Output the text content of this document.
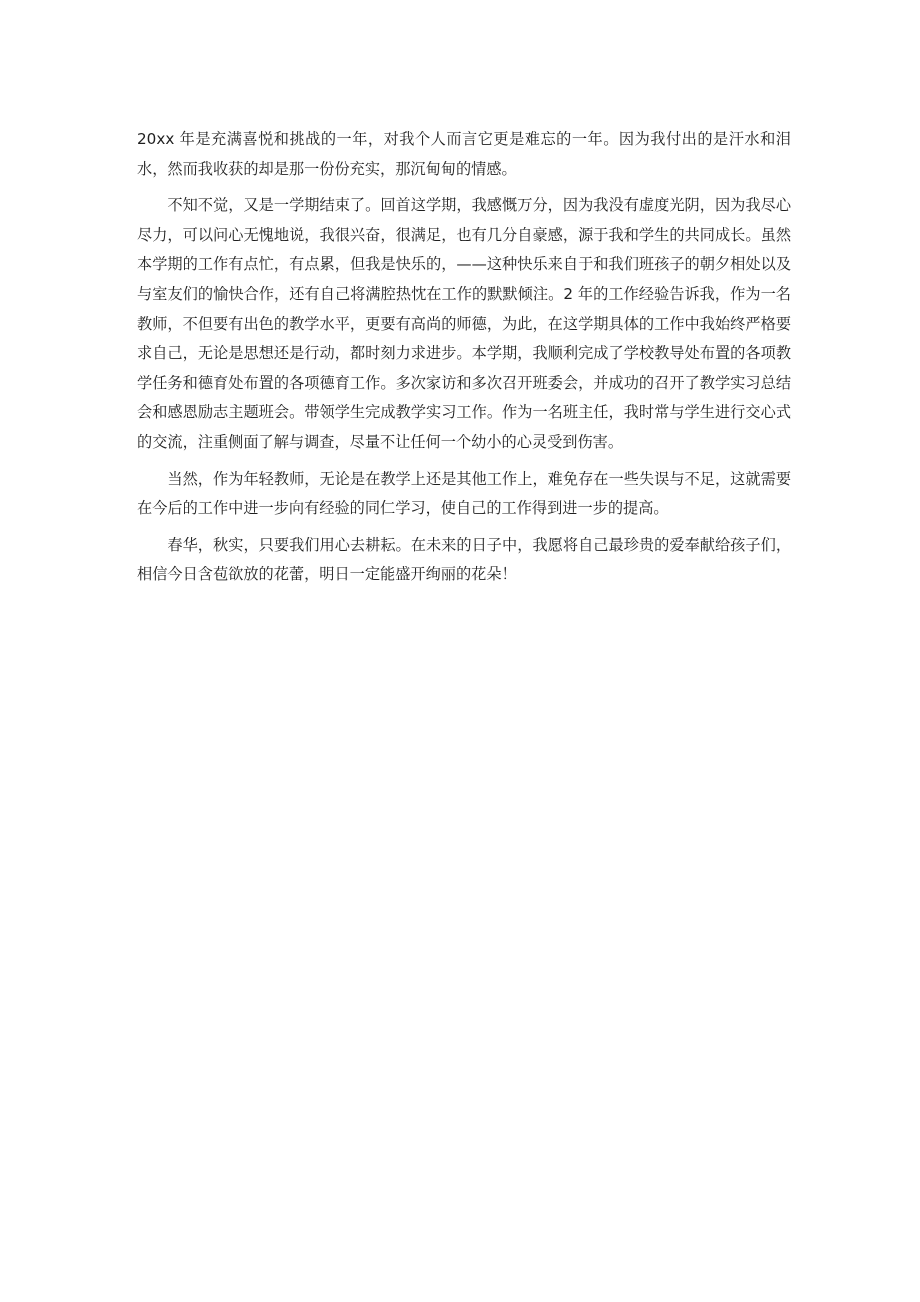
20xx 年是充满喜悦和挑战的一年，对我个人而言它更是难忘的一年。因为我付出的是汗水和泪水，然而我收获的却是那一份份充实，那沉甸甸的情感。

不知不觉，又是一学期结束了。回首这学期，我感慨万分，因为我没有虚度光阴，因为我尽心尽力，可以问心无愧地说，我很兴奋，很满足，也有几分自豪感，源于我和学生的共同成长。虽然本学期的工作有点忙，有点累，但我是快乐的，——这种快乐来自于和我们班孩子的朝夕相处以及与室友们的愉快合作，还有自己将满腔热忱在工作的默默倾注。2 年的工作经验告诉我，作为一名教师，不但要有出色的教学水平，更要有高尚的师德，为此，在这学期具体的工作中我始终严格要求自己，无论是思想还是行动，都时刻力求进步。本学期，我顺利完成了学校教导处布置的各项教学任务和德育处布置的各项德育工作。多次家访和多次召开班委会，并成功的召开了教学实习总结会和感恩励志主题班会。带领学生完成教学实习工作。作为一名班主任，我时常与学生进行交心式的交流，注重侧面了解与调查，尽量不让任何一个幼小的心灵受到伤害。

当然，作为年轻教师，无论是在教学上还是其他工作上，难免存在一些失误与不足，这就需要在今后的工作中进一步向有经验的同仁学习，使自己的工作得到进一步的提高。

春华，秋实，只要我们用心去耕耘。在未来的日子中，我愿将自己最珍贵的爱奉献给孩子们，相信今日含苞欲放的花蕾，明日一定能盛开绚丽的花朵！
